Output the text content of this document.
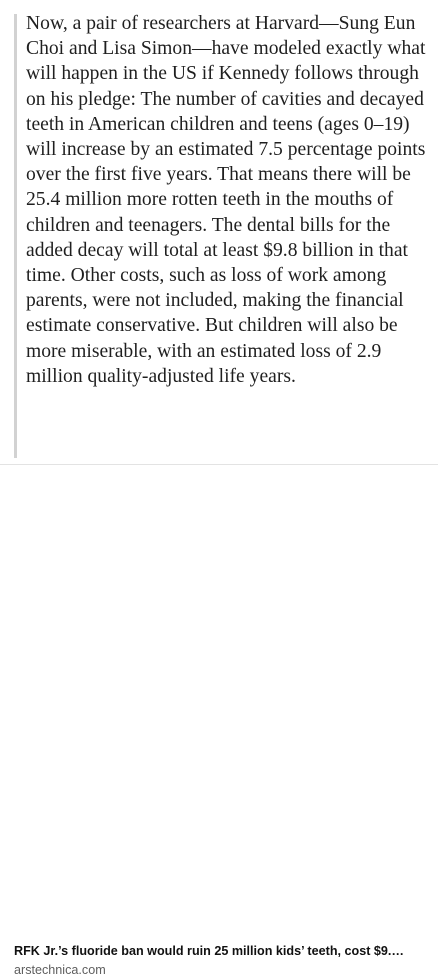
Now, a pair of researchers at Harvard—Sung Eun Choi and Lisa Simon—have modeled exactly what will happen in the US if Kennedy follows through on his pledge: The number of cavities and decayed teeth in American children and teens (ages 0–19) will increase by an estimated 7.5 percentage points over the first five years. That means there will be 25.4 million more rotten teeth in the mouths of children and teenagers. The dental bills for the added decay will total at least $9.8 billion in that time. Other costs, such as loss of work among parents, were not included, making the financial estimate conservative. But children will also be more miserable, with an estimated loss of 2.9 million quality-adjusted life years.

RFK Jr.’s fluoride ban would ruin 25 million kids’ teeth, cost $9.…

arstechnica.com
